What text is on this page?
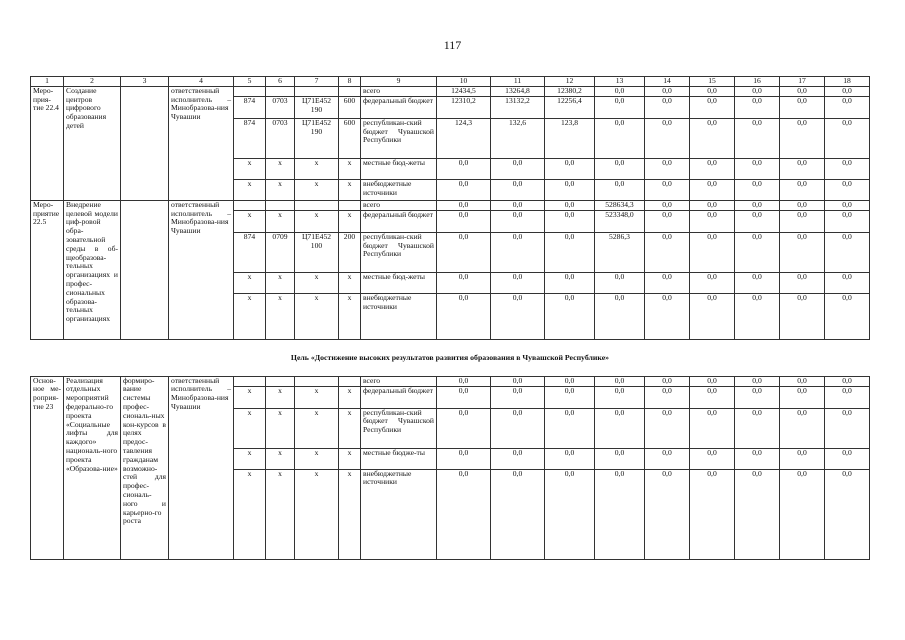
117
1	2	3	4	5	6	7	8	9	10	11	12	13	14	15	16	17	18
Меро-прия-тие 22.4	Создание центров цифрового образования детей		ответственный исполнитель – Минобразова-ния Чувашии					всего	12434,5	13264,8	12380,2	0,0	0,0	0,0	0,0	0,0	0,0
				874	0703	Ц71Е452 190	600	федеральный бюджет	12310,2	13132,2	12256,4	0,0	0,0	0,0	0,0	0,0	0,0
				874	0703	Ц71Е452 190	600	республикан-ский бюджет Чувашской Республики	124,3	132,6	123,8	0,0	0,0	0,0	0,0	0,0	0,0
				x	x	x	x	местные бюд-жеты	0,0	0,0	0,0	0,0	0,0	0,0	0,0	0,0	0,0
				x	x	x	x	внебюджетные источники	0,0	0,0	0,0	0,0	0,0	0,0	0,0	0,0	0,0
Меро-приятие 22.5	Внедрение целевой модели циф-ровой обра-зовательной среды в об-щеобразова-тельных организациях и профес-сиональных образова-тельных организациях		ответственный исполнитель – Минобразова-ния Чувашии					всего	0,0	0,0	0,0	528634,3	0,0	0,0	0,0	0,0	0,0
				x	x	x	x	федеральный бюджет	0,0	0,0	0,0	523348,0	0,0	0,0	0,0	0,0	0,0
				874	0709	Ц71Е452 100	200	республикан-ский бюджет Чувашской Республики	0,0	0,0	0,0	5286,3	0,0	0,0	0,0	0,0	0,0
				x	x	x	x	местные бюд-жеты	0,0	0,0	0,0	0,0	0,0	0,0	0,0	0,0	0,0
				x	x	x	x	внебюджетные источники	0,0	0,0	0,0	0,0	0,0	0,0	0,0	0,0	0,0
Цель «Достижение высоких результатов развития образования в Чувашской Республике»																	
Основ-ное ме-роприя-тие 23	Реализация отдельных мероприятий федерально-го проекта «Социальные лифты для каждого» националь-ного проекта «Образова-ние»	формиро-вание системы профес-сиональ-ных кон-курсов в целях предос-тавления гражданам возможно-стей для профес-сиональ-ного и карьерно-го роста	ответственный исполнитель – Минобразова-ния Чувашии					всего	0,0	0,0	0,0	0,0	0,0	0,0	0,0	0,0	0,0
				x	x	x	x	федеральный бюджет	0,0	0,0	0,0	0,0	0,0	0,0	0,0	0,0	0,0
				x	x	x	x	республикан-ский бюджет Чувашской Республики	0,0	0,0	0,0	0,0	0,0	0,0	0,0	0,0	0,0
				x	x	x	x	местные бюдже-ты	0,0	0,0	0,0	0,0	0,0	0,0	0,0	0,0	0,0
				x	x	x	x	внебюджетные источники	0,0	0,0	0,0	0,0	0,0	0,0	0,0	0,0	0,0
